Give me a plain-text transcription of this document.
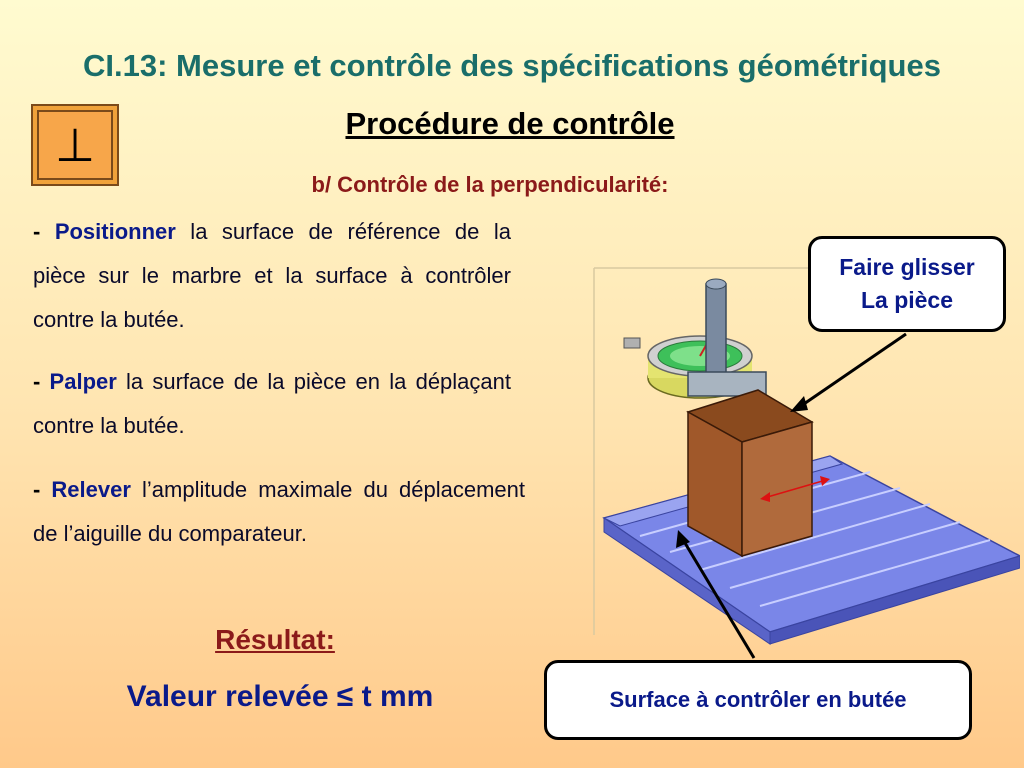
CI.13: Mesure et contrôle des spécifications géométriques
⊥	Procédure de contrôle
b/ Contrôle de la perpendicularité:
- Positionner la surface de référence de la pièce sur le marbre et la surface à contrôler contre la butée.
- Palper la surface de la pièce en la déplaçant contre la butée.
- Relever l’amplitude maximale du déplacement de l’aiguille du comparateur.
Résultat:
Valeur relevée ≤ t mm
Faire glisser
La pièce
Surface à contrôler en butée
